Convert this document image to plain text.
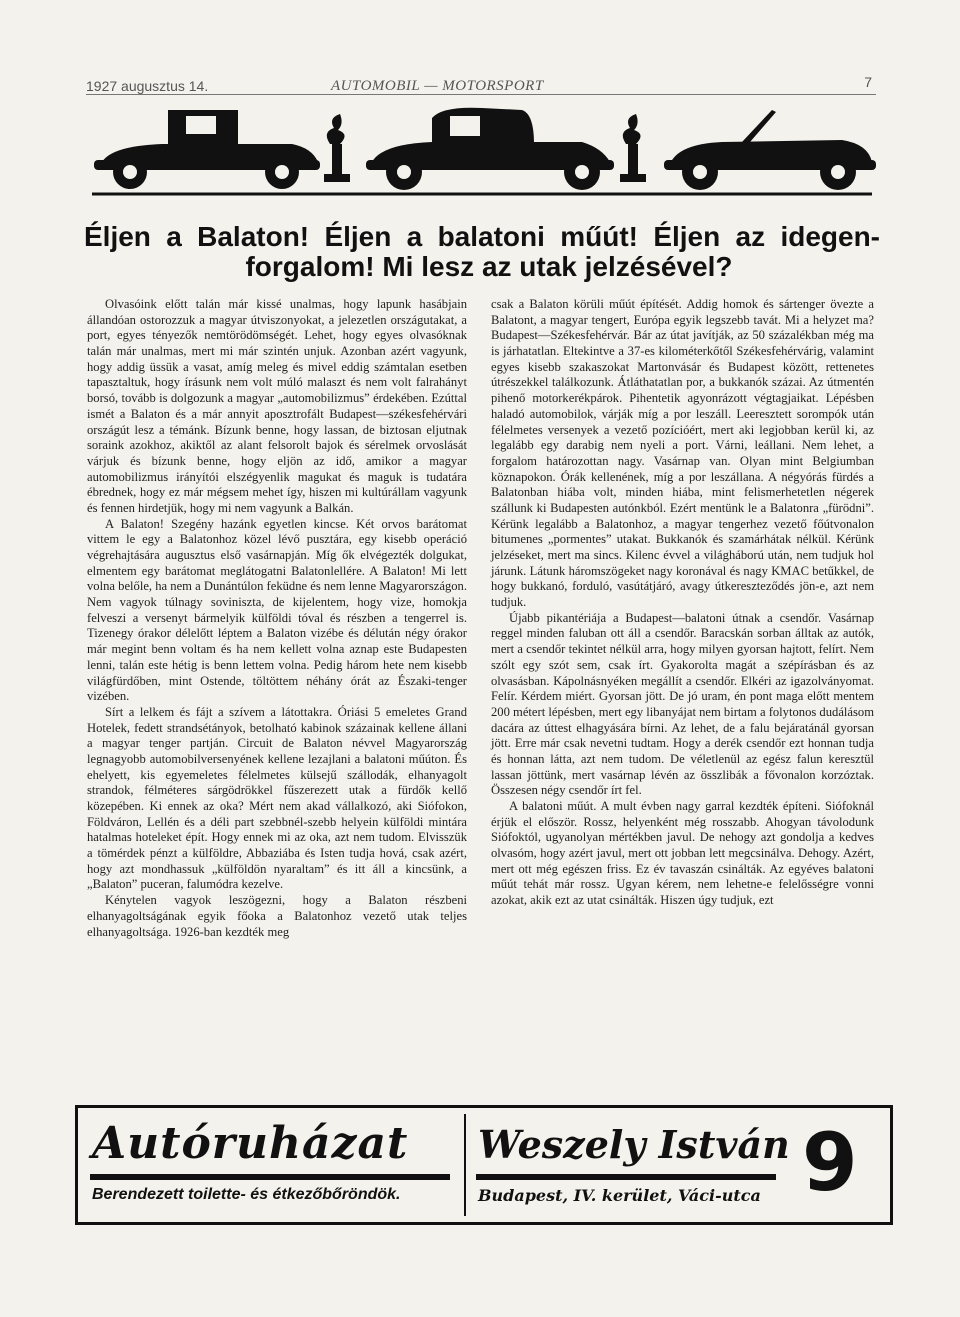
1927 augusztus 14.	AUTOMOBIL — MOTORSPORT	7
Éljen a Balaton! Éljen a balatoni műút! Éljen az idegen-
forgalom! Mi lesz az utak jelzésével?

Olvasóink előtt talán már kissé unalmas, hogy lapunk hasábjain állandóan ostorozzuk a magyar útviszonyokat, a jelezetlen országutakat, a port, egyes tényezők nemtörödömségét. Lehet, hogy egyes olvasóknak talán már unalmas, mert mi már szintén unjuk. Azonban azért vagyunk, hogy addig üssük a vasat, amíg meleg és mivel eddig számtalan esetben tapasztaltuk, hogy írásunk nem volt múló malaszt és nem volt falrahányt borsó, tovább is dolgozunk a magyar „automobilizmus” érdekében. Ezúttal ismét a Balaton és a már annyit aposztrofált Budapest—székesfehérvári országút lesz a témánk. Bízunk benne, hogy lassan, de biztosan eljutnak soraink azokhoz, akiktől az alant felsorolt bajok és sérelmek orvoslását várjuk és bízunk benne, hogy eljön az idő, amikor a magyar automobilizmus irányítói elszégyenlik magukat és maguk is tudatára ébrednek, hogy ez már mégsem mehet így, hiszen mi kultúrállam vagyunk és fennen hirdetjük, hogy mi nem vagyunk a Balkán.

A Balaton! Szegény hazánk egyetlen kincse. Két orvos barátomat vittem le egy a Balatonhoz közel lévő pusztára, egy kisebb operáció végrehajtására augusztus első vasárnapján. Míg ők elvégezték dolgukat, elmentem egy barátomat meglátogatni Balatonlellére. A Balaton! Mi lett volna belőle, ha nem a Dunántúlon feküdne és nem lenne Magyarországon. Nem vagyok túlnagy soviniszta, de kijelentem, hogy vize, homokja felveszi a versenyt bármelyik külföldi tóval és részben a tengerrel is. Tizenegy órakor délelőtt léptem a Balaton vizébe és délután négy órakor már megint benn voltam és ha nem kellett volna aznap este Budapesten lenni, talán este hétig is benn lettem volna. Pedig három hete nem kisebb világfürdőben, mint Ostende, töltöttem néhány órát az Északi-tenger vizében.

Sírt a lelkem és fájt a szívem a látottakra. Óriási 5 emeletes Grand Hotelek, fedett strandsétányok, betolható kabinok százainak kellene állani a magyar tenger partján. Circuit de Balaton névvel Magyarország legnagyobb automobilversenyének kellene lezajlani a balatoni műúton. És ehelyett, kis egyemeletes félelmetes külsejű szállodák, elhanyagolt strandok, félméteres sárgödrökkel fűszerezett utak a fürdők kellő közepében. Ki ennek az oka? Mért nem akad vállalkozó, aki Siófokon, Földváron, Lellén és a déli part szebbnél-szebb helyein külföldi mintára hatalmas hoteleket épít. Hogy ennek mi az oka, azt nem tudom. Elvisszük a tömérdek pénzt a külföldre, Abbaziába és Isten tudja hová, csak azért, hogy azt mondhassuk „külföldön nyaraltam” és itt áll a kincsünk, a „Balaton” puceran, falumódra kezelve.

Kénytelen vagyok leszögezni, hogy a Balaton részbeni elhanyagoltságának egyik főoka a Balatonhoz vezető utak teljes elhanyagoltsága. 1926-ban kezdték meg

csak a Balaton körüli műút építését. Addig homok és sártenger övezte a Balatont, a magyar tengert, Európa egyik legszebb tavát. Mi a helyzet ma? Budapest—Székesfehérvár. Bár az útat javítják, az 50 százalékban még ma is járhatatlan. Eltekintve a 37-es kilométerkőtől Székesfehérvárig, valamint egyes kisebb szakaszokat Martonvásár és Budapest között, rettenetes útrészekkel találkozunk. Átláthatatlan por, a bukkanók százai. Az útmentén pihenő motorkerékpárok. Pihentetik agyonrázott végtagjaikat. Lépésben haladó automobilok, várják míg a por leszáll. Leeresztett sorompók után félelmetes versenyek a vezető pozícióért, mert aki legjobban kerül ki, az legalább egy darabig nem nyeli a port. Várni, leállani. Nem lehet, a forgalom határozottan nagy. Vasárnap van. Olyan mint Belgiumban köznapokon. Órák kellenének, míg a por leszállana. A négyórás fürdés a Balatonban hiába volt, minden hiába, mint felismerhetetlen négerek szállunk ki Budapesten autónkból. Ezért mentünk le a Balatonra „fürödni”. Kérünk legalább a Balatonhoz, a magyar tengerhez vezető főútvonalon bitumenes „pormentes” utakat. Bukkanók és szamárhátak nélkül. Kérünk jelzéseket, mert ma sincs. Kilenc évvel a világháború után, nem tudjuk hol járunk. Látunk háromszögeket nagy koronával és nagy KMAC betűkkel, de hogy bukkanó, forduló, vasútátjáró, avagy útkereszteződés jön-e, azt nem tudjuk.

Újabb pikantériája a Budapest—balatoni útnak a csendőr. Vasárnap reggel minden faluban ott áll a csendőr. Baracskán sorban álltak az autók, mert a csendőr tekintet nélkül arra, hogy milyen gyorsan hajtott, felírt. Nem szólt egy szót sem, csak írt. Gyakorolta magát a szépírásban és az olvasásban. Kápolnásnyéken megállít a csendőr. Elkéri az igazolványomat. Felír. Kérdem miért. Gyorsan jött. De jó uram, én pont maga előtt mentem 200 métert lépésben, mert egy libanyájat nem birtam a folytonos dudálásom dacára az úttest elhagyására bírni. Az lehet, de a falu bejáratánál gyorsan jött. Erre már csak nevetni tudtam. Hogy a derék csendőr ezt honnan tudja és honnan látta, azt nem tudom. De véletlenül az egész falun keresztül lassan jöttünk, mert vasárnap lévén az összlibák a fővonalon korzóztak. Összesen négy csendőr írt fel.

A balatoni műút. A mult évben nagy garral kezdték építeni. Siófoknál érjük el először. Rossz, helyenként még rosszabb. Ahogyan távolodunk Siófoktól, ugyanolyan mértékben javul. De nehogy azt gondolja a kedves olvasóm, hogy azért javul, mert ott jobban lett megcsinálva. Dehogy. Azért, mert ott még egészen friss. Ez év tavaszán csinálták. Az egyéves balatoni műút tehát már rossz. Ugyan kérem, nem lehetne-e felelősségre vonni azokat, akik ezt az utat csinálták. Hiszen úgy tudjuk, ezt

Autóruházat
Berendezett toilette- és étkezőbőröndök.
Weszely István
Budapest, IV. kerület, Váci-utca 9
